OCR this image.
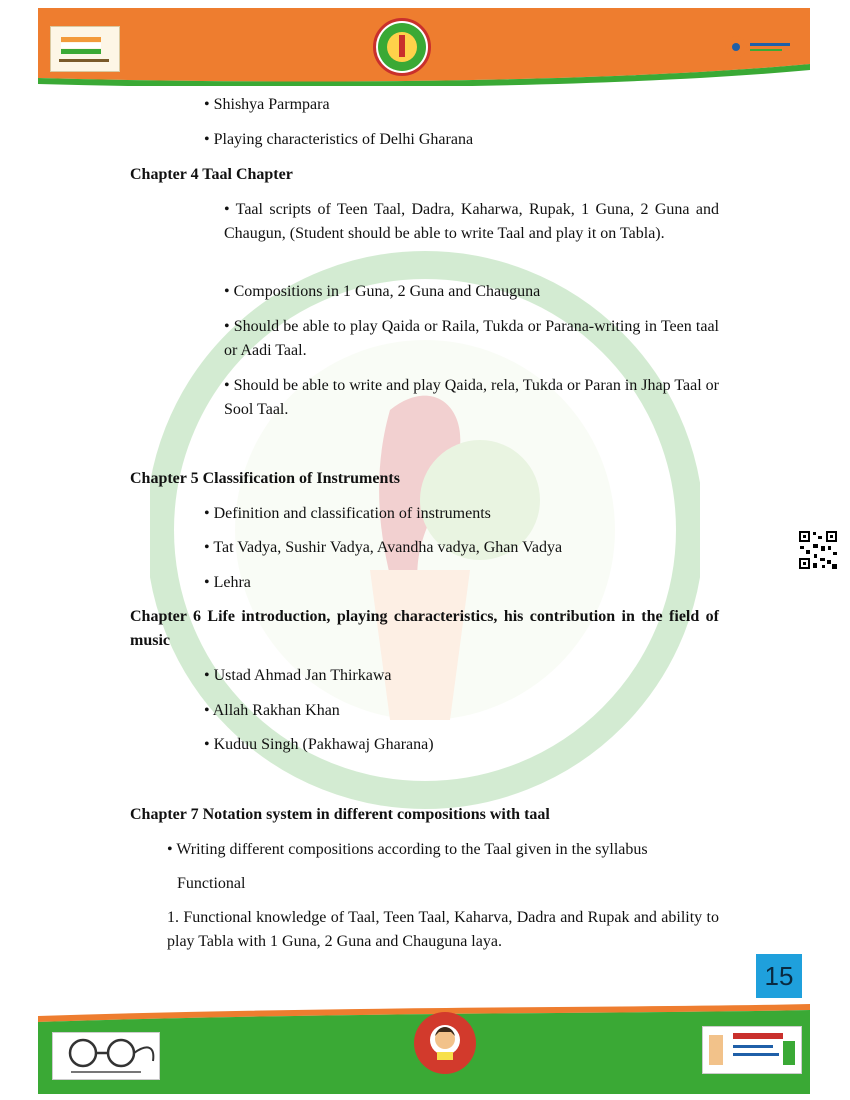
• Shishya Parmpara
• Playing characteristics of Delhi Gharana
Chapter 4 Taal Chapter
• Taal scripts of Teen Taal, Dadra, Kaharwa, Rupak, 1 Guna, 2 Guna and Chaugun, (Student should be able to write Taal and play it on Tabla).
• Compositions in 1 Guna, 2 Guna and Chauguna
• Should be able to play Qaida or Raila, Tukda or Parana-writing in Teen taal or Aadi Taal.
• Should be able to write and play Qaida, rela, Tukda or Paran in Jhap Taal or Sool Taal.
Chapter 5 Classification of Instruments
• Definition and classification of instruments
• Tat Vadya, Sushir Vadya, Avandha vadya, Ghan Vadya
• Lehra
Chapter 6 Life introduction, playing characteristics, his contribution in the field of music
• Ustad Ahmad Jan Thirkawa
• Allah Rakhan Khan
• Kuduu Singh (Pakhawaj Gharana)
Chapter 7 Notation system in different compositions with taal
• Writing different compositions according to the Taal given in the syllabus
Functional
1. Functional knowledge of Taal, Teen Taal, Kaharva, Dadra and Rupak and ability to play Tabla with 1 Guna, 2 Guna and Chauguna laya.
15
